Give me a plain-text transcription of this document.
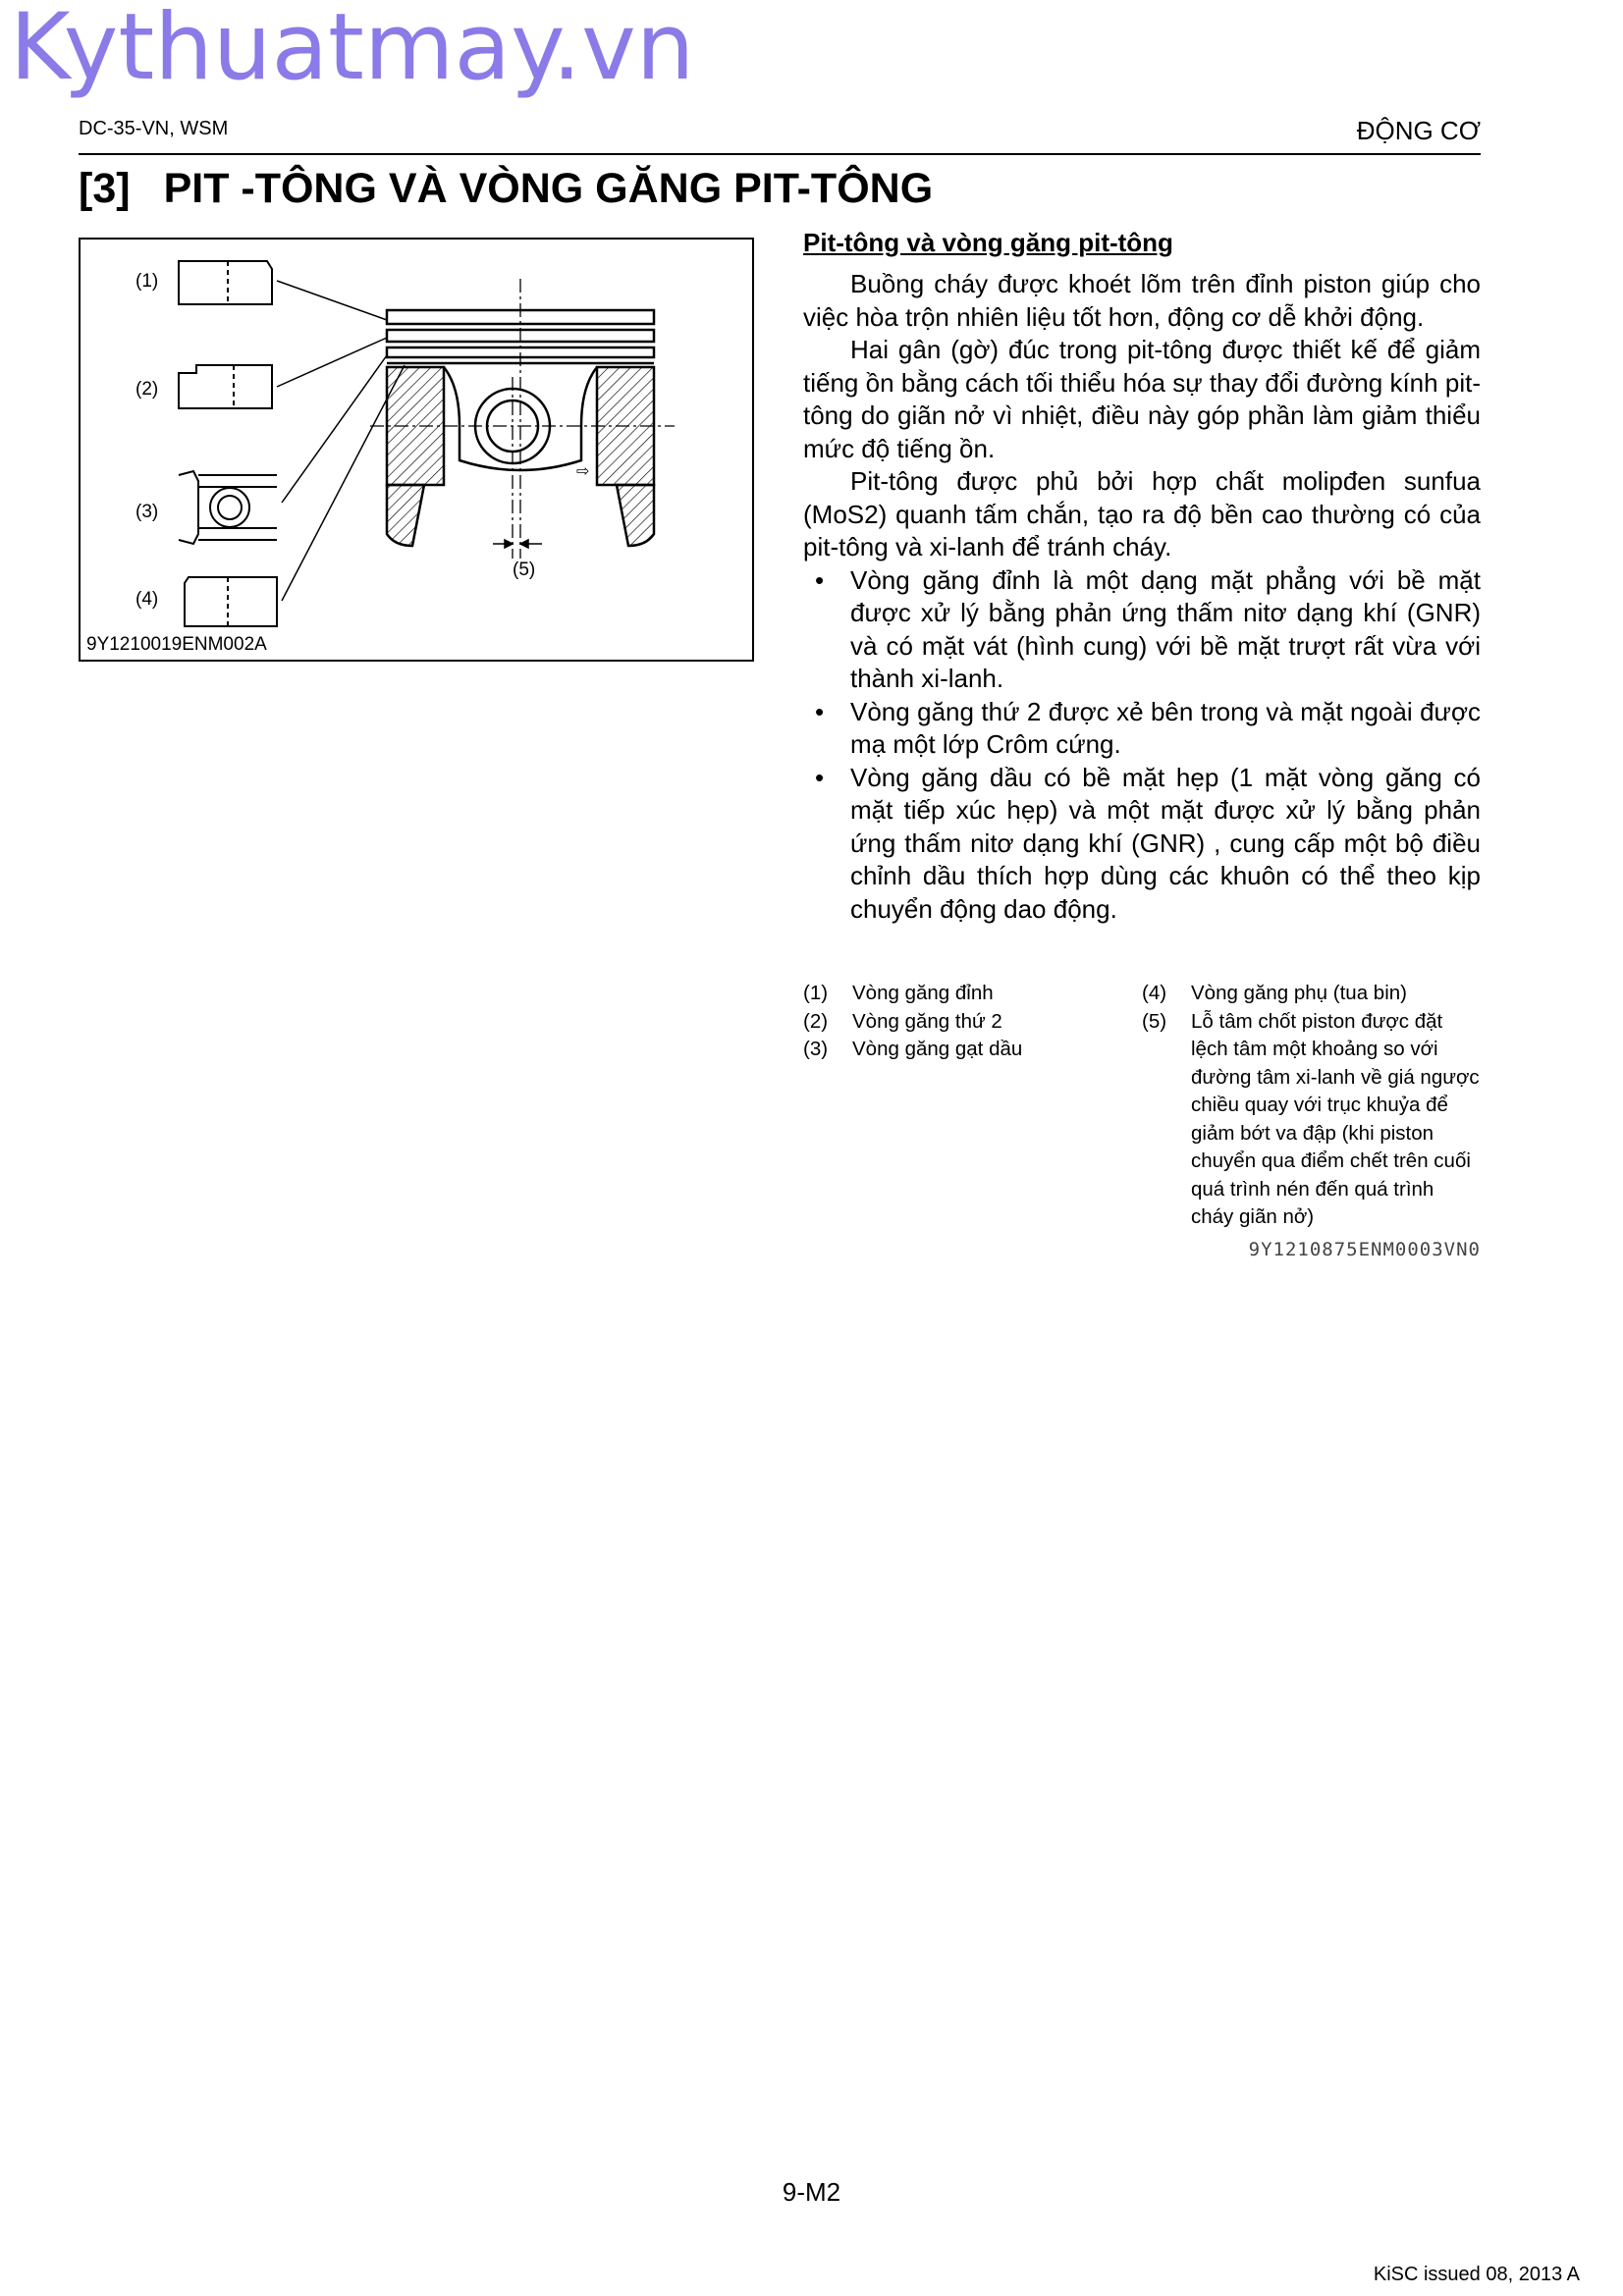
Kythuatmay.vn
DC-35-VN, WSM	ĐỘNG CƠ
[3] PIT -TÔNG VÀ VÒNG GĂNG PIT-TÔNG
(1)
(2)
(3)
(4)
(5)
⇨
9Y1210019ENM002A
Pit-tông và vòng găng pit-tông

Buồng cháy được khoét lõm trên đỉnh piston giúp cho việc hòa trộn nhiên liệu tốt hơn, động cơ dễ khởi động.

Hai gân (gờ) đúc trong pit-tông được thiết kế để giảm tiếng ồn bằng cách tối thiểu hóa sự thay đổi đường kính pit-tông do giãn nở vì nhiệt, điều này góp phần làm giảm thiểu mức độ tiếng ồn.

Pit-tông được phủ bởi hợp chất molipđen sunfua (MoS2) quanh tấm chắn, tạo ra độ bền cao thường có của pit-tông và xi-lanh để tránh cháy.

• Vòng găng đỉnh là một dạng mặt phẳng với bề mặt được xử lý bằng phản ứng thấm nitơ dạng khí (GNR) và có mặt vát (hình cung) với bề mặt trượt rất vừa với thành xi-lanh.
• Vòng găng thứ 2 được xẻ bên trong và mặt ngoài được mạ một lớp Crôm cứng.
• Vòng găng dầu có bề mặt hẹp (1 mặt vòng găng có mặt tiếp xúc hẹp) và một mặt được xử lý bằng phản ứng thấm nitơ dạng khí (GNR) , cung cấp một bộ điều chỉnh dầu thích hợp dùng các khuôn có thể theo kịp chuyển động dao động.
(1)	Vòng găng đỉnh
(2)	Vòng găng thứ 2
(3)	Vòng găng gạt dầu
(4)	Vòng găng phụ (tua bin)
(5)	Lỗ tâm chốt piston được đặt lệch tâm một khoảng so với đường tâm xi-lanh về giá ngược chiều quay với trục khuỷa để giảm bớt va đập (khi piston chuyển qua điểm chết trên cuối quá trình nén đến quá trình cháy giãn nở)
9Y1210875ENM0003VN0
9-M2
KiSC issued 08, 2013 A
